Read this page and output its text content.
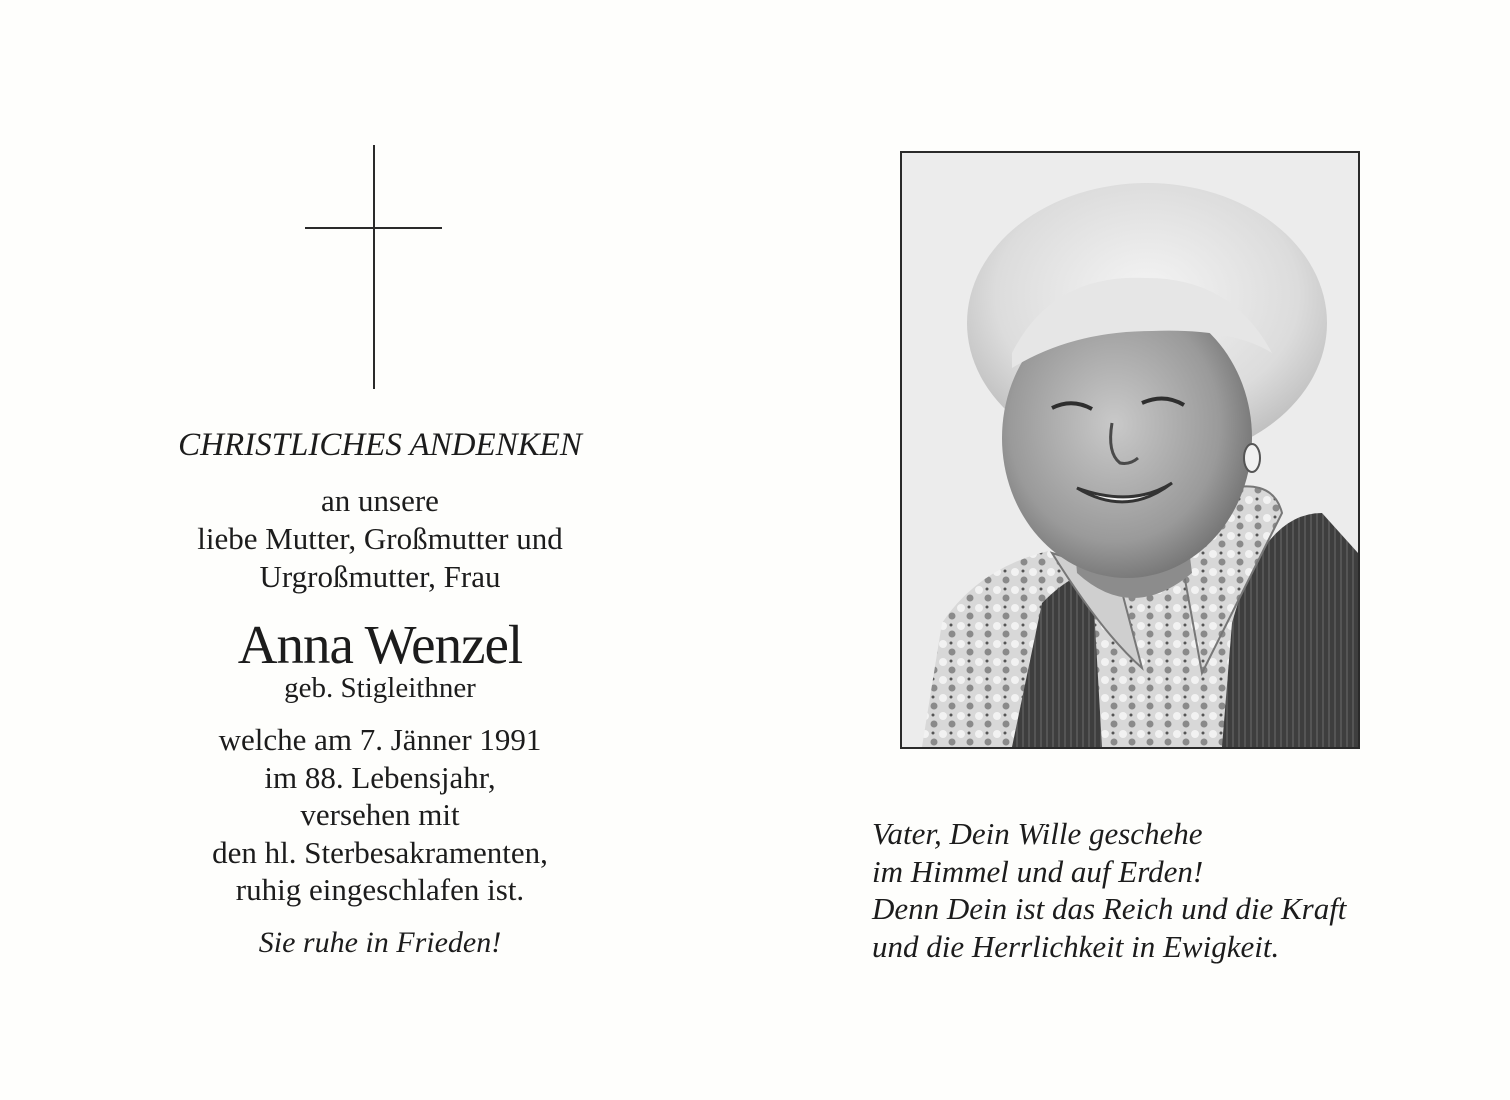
CHRISTLICHES ANDENKEN
an unsere
liebe Mutter, Großmutter und
Urgroßmutter, Frau
Anna Wenzel
geb. Stigleithner
welche am 7. Jänner 1991
im 88. Lebensjahr,
versehen mit
den hl. Sterbesakramenten,
ruhig eingeschlafen ist.
Sie ruhe in Frieden!
Vater, Dein Wille geschehe
im Himmel und auf Erden!
Denn Dein ist das Reich und die Kraft
und die Herrlichkeit in Ewigkeit.
